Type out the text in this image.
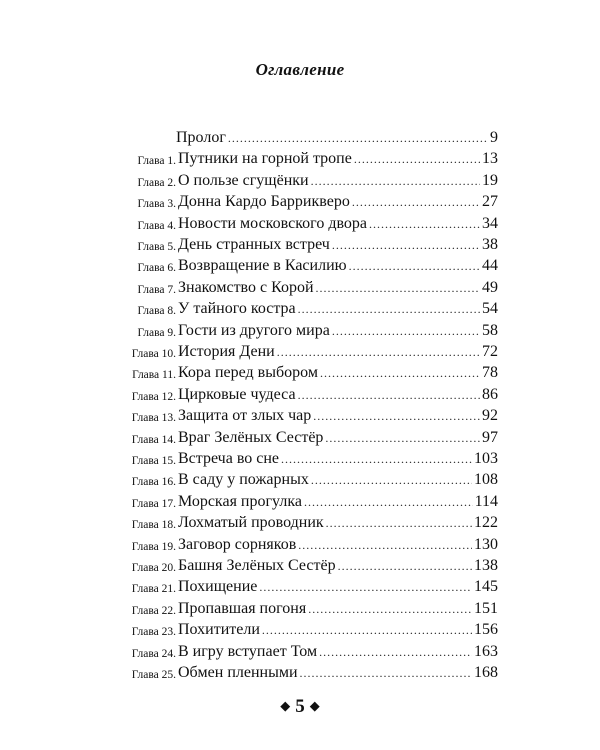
Оглавление
Пролог .....	9
Глава 1. Путники на горной тропе .....	13
Глава 2. О пользе сгущёнки .....	19
Глава 3. Донна Кардо Баррикверо .....	27
Глава 4. Новости московского двора .....	34
Глава 5. День странных встреч .....	38
Глава 6. Возвращение в Касилию .....	44
Глава 7. Знакомство с Корой .....	49
Глава 8. У тайного костра .....	54
Глава 9. Гости из другого мира .....	58
Глава 10. История Дени .....	72
Глава 11. Кора перед выбором .....	78
Глава 12. Цирковые чудеса .....	86
Глава 13. Защита от злых чар .....	92
Глава 14. Враг Зелёных Сестёр .....	97
Глава 15. Встреча во сне .....	103
Глава 16. В саду у пожарных .....	108
Глава 17. Морская прогулка .....	114
Глава 18. Лохматый проводник .....	122
Глава 19. Заговор сорняков .....	130
Глава 20. Башня Зелёных Сестёр .....	138
Глава 21. Похищение .....	145
Глава 22. Пропавшая погоня .....	151
Глава 23. Похитители .....	156
Глава 24. В игру вступает Том .....	163
Глава 25. Обмен пленными .....	168
◆ 5 ◆
